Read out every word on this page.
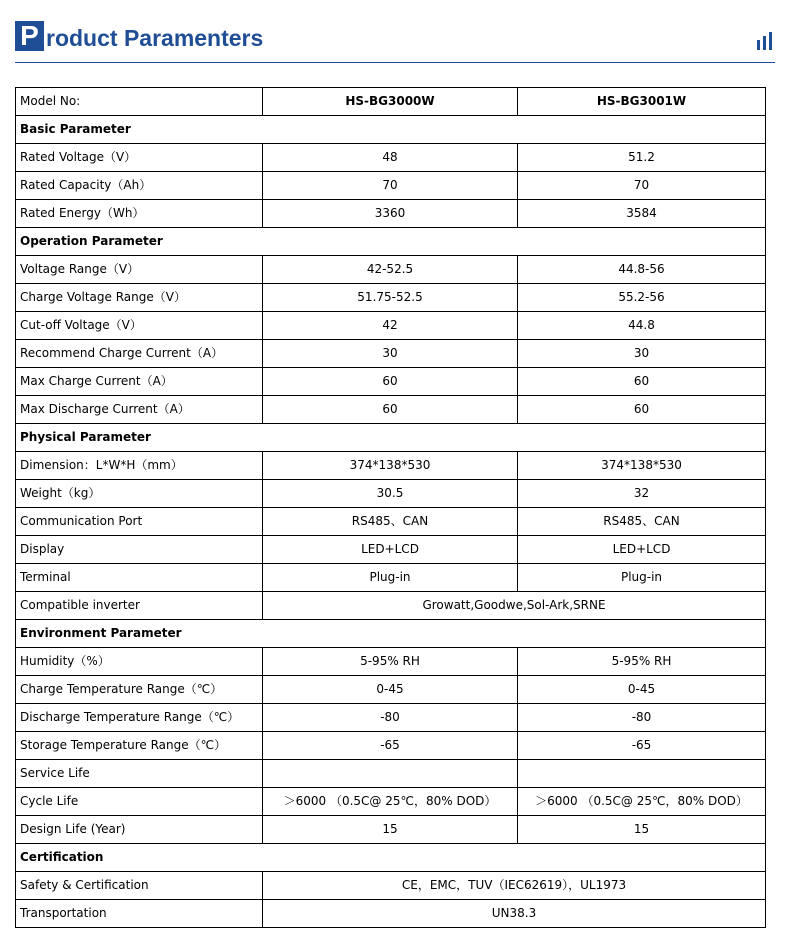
P roduct Paramenters
Model No:	HS-BG3000W	HS-BG3001W
Basic Parameter		
Rated Voltage（V）	48	51.2
Rated Capacity（Ah）	70	70
Rated Energy（Wh）	3360	3584
Operation Parameter		
Voltage Range（V）	42-52.5	44.8-56
Charge Voltage Range（V）	51.75-52.5	55.2-56
Cut-off Voltage（V）	42	44.8
Recommend Charge Current（A）	30	30
Max Charge Current（A）	60	60
Max Discharge Current（A）	60	60
Physical Parameter		
Dimension：L*W*H（mm）	374*138*530	374*138*530
Weight（kg）	30.5	32
Communication Port	RS485、CAN	RS485、CAN
Display	LED+LCD	LED+LCD
Terminal	Plug-in	Plug-in
Compatible inverter	Growatt,Goodwe,Sol-Ark,SRNE	
Environment Parameter		
Humidity（%）	5-95% RH	5-95% RH
Charge Temperature Range（℃）	0-45	0-45
Discharge Temperature Range（℃）	-80	-80
Storage Temperature Range（℃）	-65	-65
Service Life		
Cycle Life	＞6000 （0.5C@ 25℃，80% DOD）	＞6000 （0.5C@ 25℃，80% DOD）
Design Life (Year)	15	15
Certification		
Safety & Certification	CE，EMC，TUV（IEC62619），UL1973	
Transportation	UN38.3	
